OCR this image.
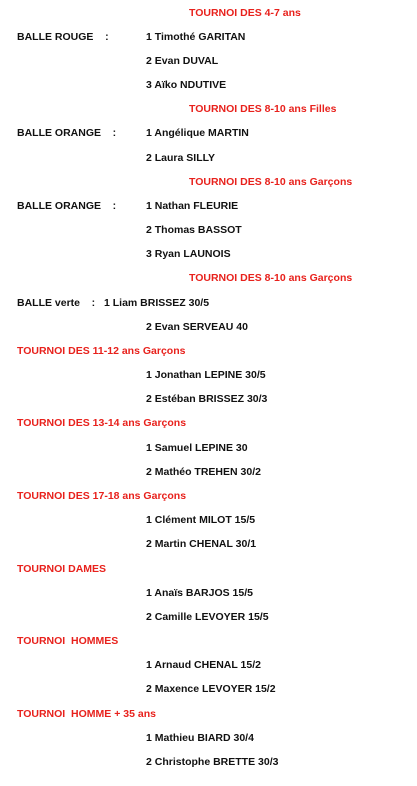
TOURNOI DES 4-7 ans
BALLE ROUGE    :	1 Timothé GARITAN
2 Evan DUVAL
3 Aïko NDUTIVE
TOURNOI DES 8-10 ans Filles
BALLE ORANGE    :	1 Angélique MARTIN
2 Laura SILLY
TOURNOI DES 8-10 ans Garçons
BALLE ORANGE    :	1 Nathan FLEURIE
2 Thomas BASSOT
3 Ryan LAUNOIS
TOURNOI DES 8-10 ans Garçons
BALLE verte    : 1 Liam BRISSEZ 30/5
2 Evan SERVEAU 40
TOURNOI DES 11-12 ans Garçons
1 Jonathan LEPINE 30/5
2 Estéban BRISSEZ 30/3
TOURNOI DES 13-14 ans Garçons
1 Samuel LEPINE 30
2 Mathéo TREHEN 30/2
TOURNOI DES 17-18 ans Garçons
1 Clément MILOT 15/5
2 Martin CHENAL 30/1
TOURNOI DAMES
1 Anaïs BARJOS 15/5
2 Camille LEVOYER 15/5
TOURNOI  HOMMES
1 Arnaud CHENAL 15/2
2 Maxence LEVOYER 15/2
TOURNOI  HOMME + 35 ans
1 Mathieu BIARD 30/4
2 Christophe BRETTE 30/3
